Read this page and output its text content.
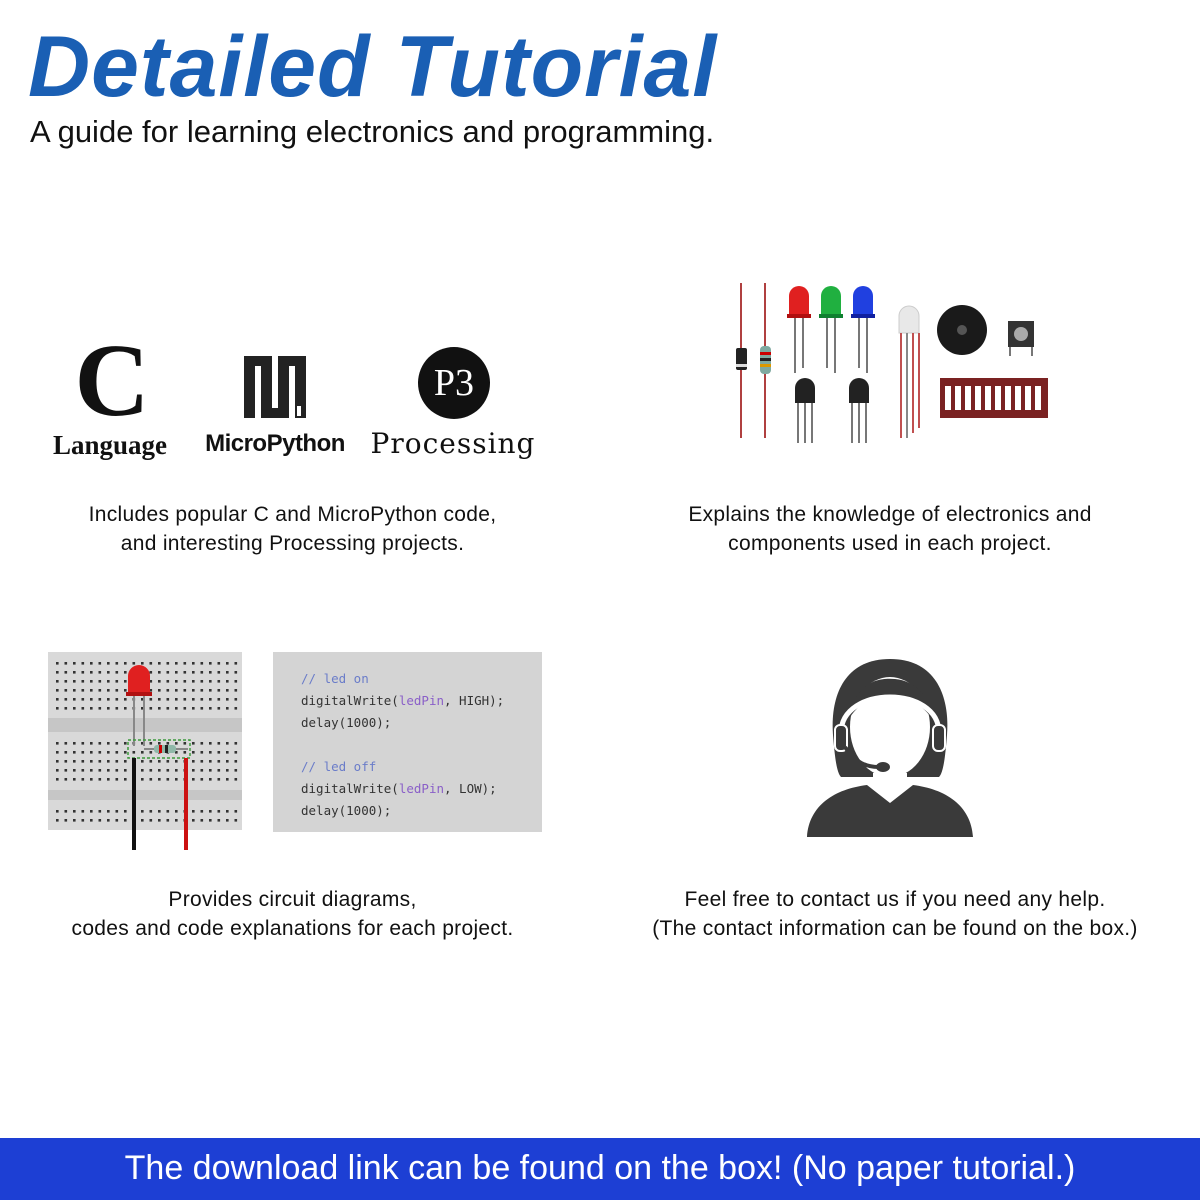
Detailed Tutorial
A guide for learning electronics and programming.
C
Language	MicroPython
P3
Processing
Includes popular C and MicroPython code,
and interesting Processing projects.
Explains the knowledge of electronics and
components used in each project.
// led on
digitalWrite(ledPin, HIGH);
delay(1000);
// led off
digitalWrite(ledPin, LOW);
delay(1000);
Provides circuit diagrams,
codes and code explanations for each project.
Feel free to contact us if you need any help.
(The contact information can be found on the box.)
The download link can be found on the box! (No paper tutorial.)
